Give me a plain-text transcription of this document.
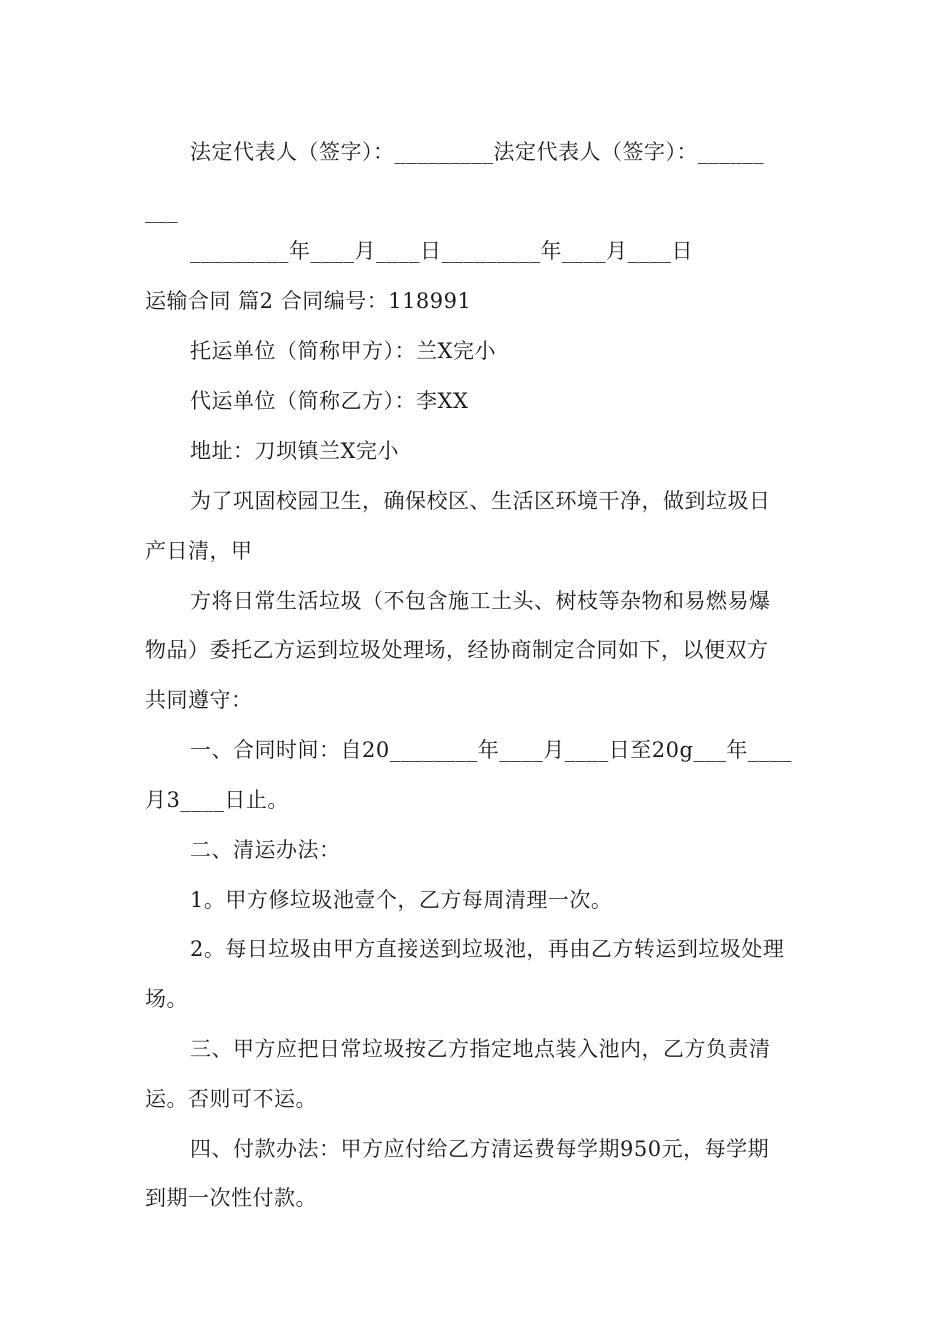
法定代表人（签字）：_________法定代表人（签字）：______
___
_________年____月____日_________年____月____日
运输合同 篇2 合同编号：118991
托运单位（简称甲方）：兰X完小
代运单位（简称乙方）：李XX
地址：刀坝镇兰X完小
为了巩固校园卫生，确保校区、生活区环境干净，做到垃圾日
产日清，甲
方将日常生活垃圾（不包含施工土头、树枝等杂物和易燃易爆
物品）委托乙方运到垃圾处理场，经协商制定合同如下，以便双方
共同遵守：
一、合同时间：自20________年____月____日至20g___年____
月3____日止。
二、清运办法：
1。甲方修垃圾池壹个，乙方每周清理一次。
2。每日垃圾由甲方直接送到垃圾池，再由乙方转运到垃圾处理
场。
三、甲方应把日常垃圾按乙方指定地点装入池内，乙方负责清
运。否则可不运。
四、付款办法：甲方应付给乙方清运费每学期950元，每学期
到期一次性付款。
